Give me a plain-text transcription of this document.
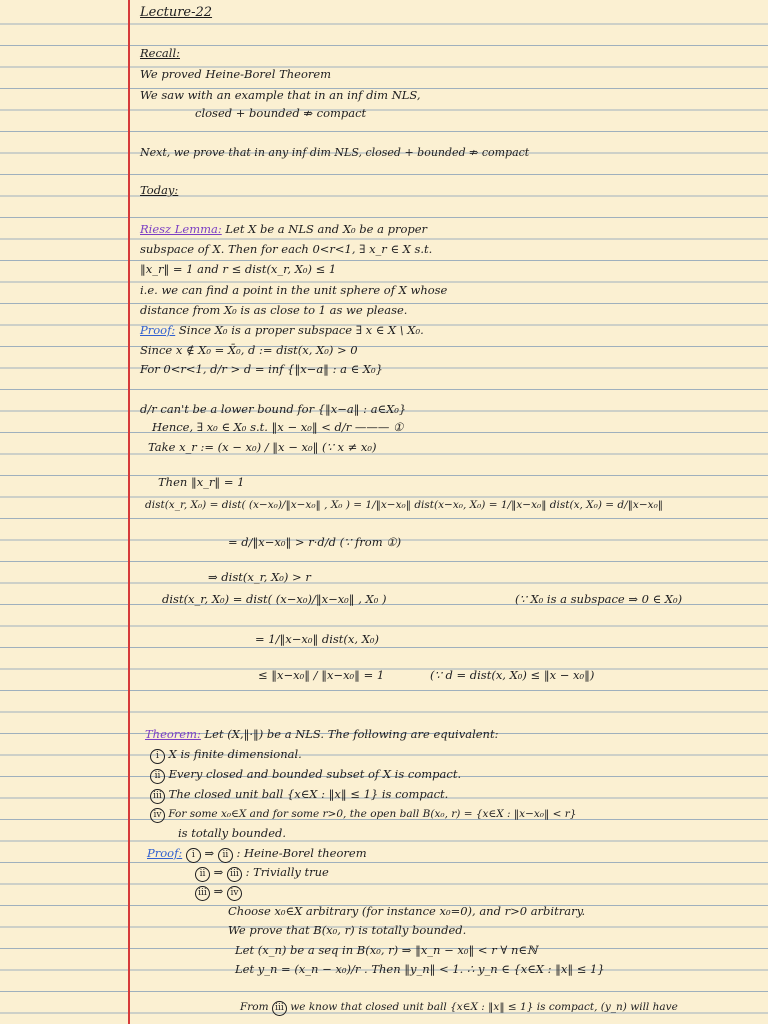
Lecture-22
Recall:
We proved Heine-Borel Theorem
We saw with an example that in an inf dim NLS,
closed + bounded ⇏ compact
Next, we prove that in any inf dim NLS, closed + bounded ⇏ compact
Today:
Riesz Lemma: Let X be a NLS and X₀ be a proper
subspace of X. Then for each 0<r<1, ∃ x_r ∈ X s.t.
‖x_r‖ = 1 and r ≤ dist(x_r, X₀) ≤ 1
i.e. we can find a point in the unit sphere of X whose
distance from X₀ is as close to 1 as we please.
Proof: Since X₀ is a proper subspace ∃ x ∈ X \ X₀.
Since x ∉ X₀ = X̄₀, d := dist(x, X₀) > 0
For 0<r<1, d/r > d = inf {‖x−a‖ : a ∈ X₀}
d/r can't be a lower bound for {‖x−a‖ : a∈X₀}
Hence, ∃ x₀ ∈ X₀ s.t. ‖x − x₀‖ < d/r ——— ①
Take x_r := (x − x₀) / ‖x − x₀‖ (∵ x ≠ x₀)
Then ‖x_r‖ = 1
dist(x_r, X₀) = dist( (x−x₀)/‖x−x₀‖ , X₀ ) = 1/‖x−x₀‖ dist(x−x₀, X₀) = 1/‖x−x₀‖ dist(x, X₀) = d/‖x−x₀‖
= d/‖x−x₀‖ > r·d/d (∵ from ①)
⇒ dist(x_r, X₀) > r
dist(x_r, X₀) = dist( (x−x₀)/‖x−x₀‖ , X₀ )	(∵ X₀ is a subspace ⇒ 0 ∈ X₀)
= 1/‖x−x₀‖ dist(x, X₀)
≤ ‖x−x₀‖ / ‖x−x₀‖ = 1	(∵ d = dist(x, X₀) ≤ ‖x − x₀‖)
Theorem: Let (X,‖·‖) be a NLS. The following are equivalent:
i X is finite dimensional.
ii Every closed and bounded subset of X is compact.
iii The closed unit ball {x∈X : ‖x‖ ≤ 1} is compact.
iv For some x₀∈X and for some r>0, the open ball B(x₀, r) = {x∈X : ‖x−x₀‖ < r}
is totally bounded.
Proof: i ⇒ ii : Heine-Borel theorem
ii ⇒ iii : Trivially true
iii ⇒ iv
Choose x₀∈X arbitrary (for instance x₀=0), and r>0 arbitrary.
We prove that B(x₀, r) is totally bounded.
Let (x_n) be a seq in B(x₀, r) ⇒ ‖x_n − x₀‖ < r ∀ n∈ℕ
Let y_n = (x_n − x₀)/r . Then ‖y_n‖ < 1. ∴ y_n ∈ {x∈X : ‖x‖ ≤ 1}
From iii we know that closed unit ball {x∈X : ‖x‖ ≤ 1} is compact, (y_n) will have
